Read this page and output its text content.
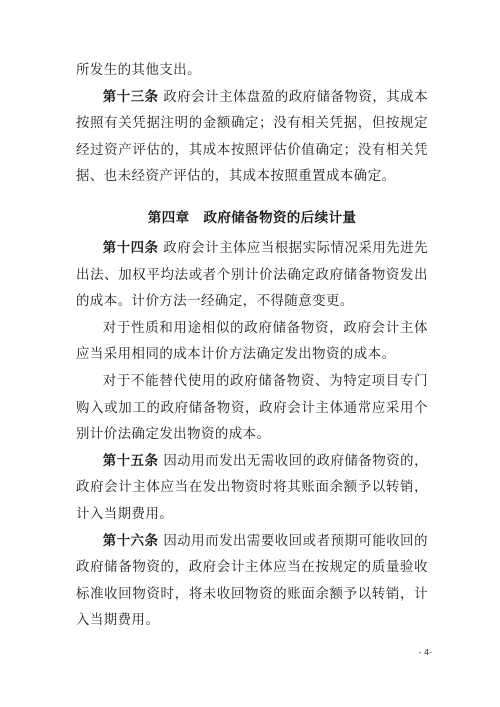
所发生的其他支出。

第十三条 政府会计主体盘盈的政府储备物资，其成本按照有关凭据注明的金额确定；没有相关凭据，但按规定经过资产评估的，其成本按照评估价值确定；没有相关凭据、也未经资产评估的，其成本按照重置成本确定。

第四章 政府储备物资的后续计量

第十四条 政府会计主体应当根据实际情况采用先进先出法、加权平均法或者个别计价法确定政府储备物资发出的成本。计价方法一经确定，不得随意变更。

对于性质和用途相似的政府储备物资，政府会计主体应当采用相同的成本计价方法确定发出物资的成本。

对于不能替代使用的政府储备物资、为特定项目专门购入或加工的政府储备物资，政府会计主体通常应采用个别计价法确定发出物资的成本。

第十五条 因动用而发出无需收回的政府储备物资的，政府会计主体应当在发出物资时将其账面余额予以转销，计入当期费用。

第十六条 因动用而发出需要收回或者预期可能收回的政府储备物资的，政府会计主体应当在按规定的质量验收标准收回物资时，将未收回物资的账面余额予以转销，计入当期费用。

- 4-
